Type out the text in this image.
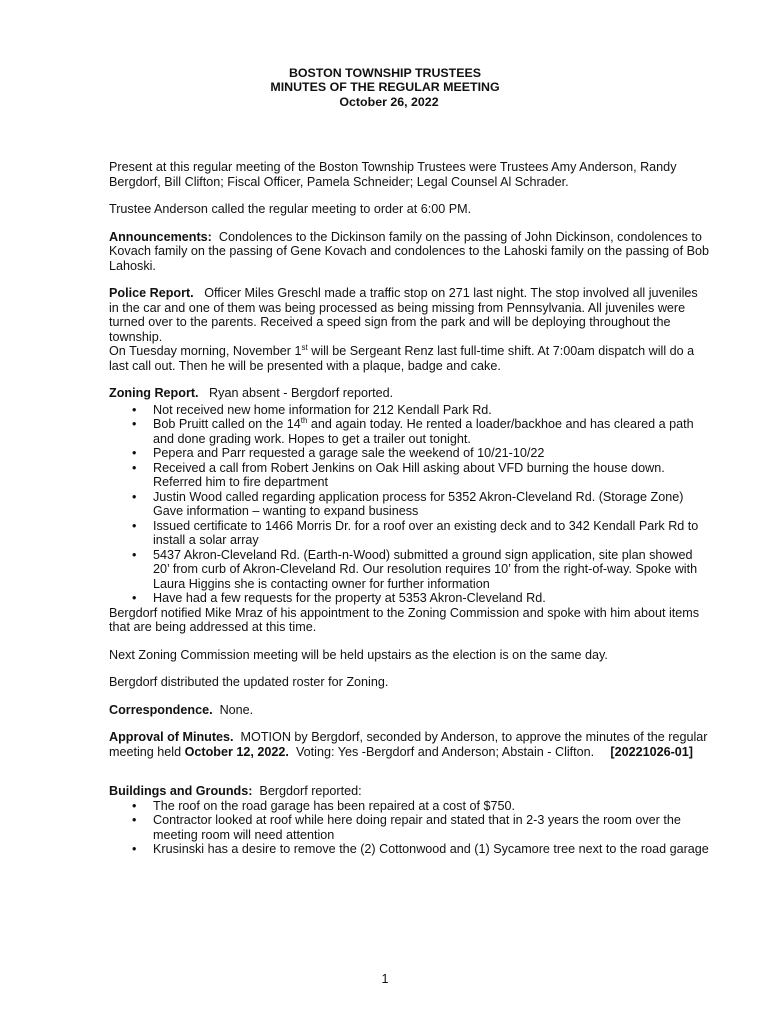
BOSTON TOWNSHIP TRUSTEES
MINUTES OF THE REGULAR MEETING
October 26, 2022

Present at this regular meeting of the Boston Township Trustees were Trustees Amy Anderson, Randy Bergdorf, Bill Clifton; Fiscal Officer, Pamela Schneider; Legal Counsel Al Schrader.

Trustee Anderson called the regular meeting to order at 6:00 PM.

Announcements: Condolences to the Dickinson family on the passing of John Dickinson, condolences to Kovach family on the passing of Gene Kovach and condolences to the Lahoski family on the passing of Bob Lahoski.

Police Report. Officer Miles Greschl made a traffic stop on 271 last night. The stop involved all juveniles in the car and one of them was being processed as being missing from Pennsylvania. All juveniles were turned over to the parents. Received a speed sign from the park and will be deploying throughout the township.

On Tuesday morning, November 1st will be Sergeant Renz last full-time shift. At 7:00am dispatch will do a last call out. Then he will be presented with a plaque, badge and cake.

Zoning Report. Ryan absent - Bergdorf reported.

• Not received new home information for 212 Kendall Park Rd.
• Bob Pruitt called on the 14th and again today. He rented a loader/backhoe and has cleared a path and done grading work. Hopes to get a trailer out tonight.
• Pepera and Parr requested a garage sale the weekend of 10/21-10/22
• Received a call from Robert Jenkins on Oak Hill asking about VFD burning the house down. Referred him to fire department
• Justin Wood called regarding application process for 5352 Akron-Cleveland Rd. (Storage Zone) Gave information – wanting to expand business
• Issued certificate to 1466 Morris Dr. for a roof over an existing deck and to 342 Kendall Park Rd to install a solar array
• 5437 Akron-Cleveland Rd. (Earth-n-Wood) submitted a ground sign application, site plan showed 20’ from curb of Akron-Cleveland Rd. Our resolution requires 10’ from the right-of-way. Spoke with Laura Higgins she is contacting owner for further information
• Have had a few requests for the property at 5353 Akron-Cleveland Rd.

Bergdorf notified Mike Mraz of his appointment to the Zoning Commission and spoke with him about items that are being addressed at this time.

Next Zoning Commission meeting will be held upstairs as the election is on the same day.

Bergdorf distributed the updated roster for Zoning.

Correspondence. None.

Approval of Minutes. MOTION by Bergdorf, seconded by Anderson, to approve the minutes of the regular meeting held October 12, 2022. Voting: Yes -Bergdorf and Anderson; Abstain - Clifton. [20221026-01]

Buildings and Grounds: Bergdorf reported:

• The roof on the road garage has been repaired at a cost of $750.
• Contractor looked at roof while here doing repair and stated that in 2-3 years the room over the meeting room will need attention
• Krusinski has a desire to remove the (2) Cottonwood and (1) Sycamore tree next to the road garage
1
